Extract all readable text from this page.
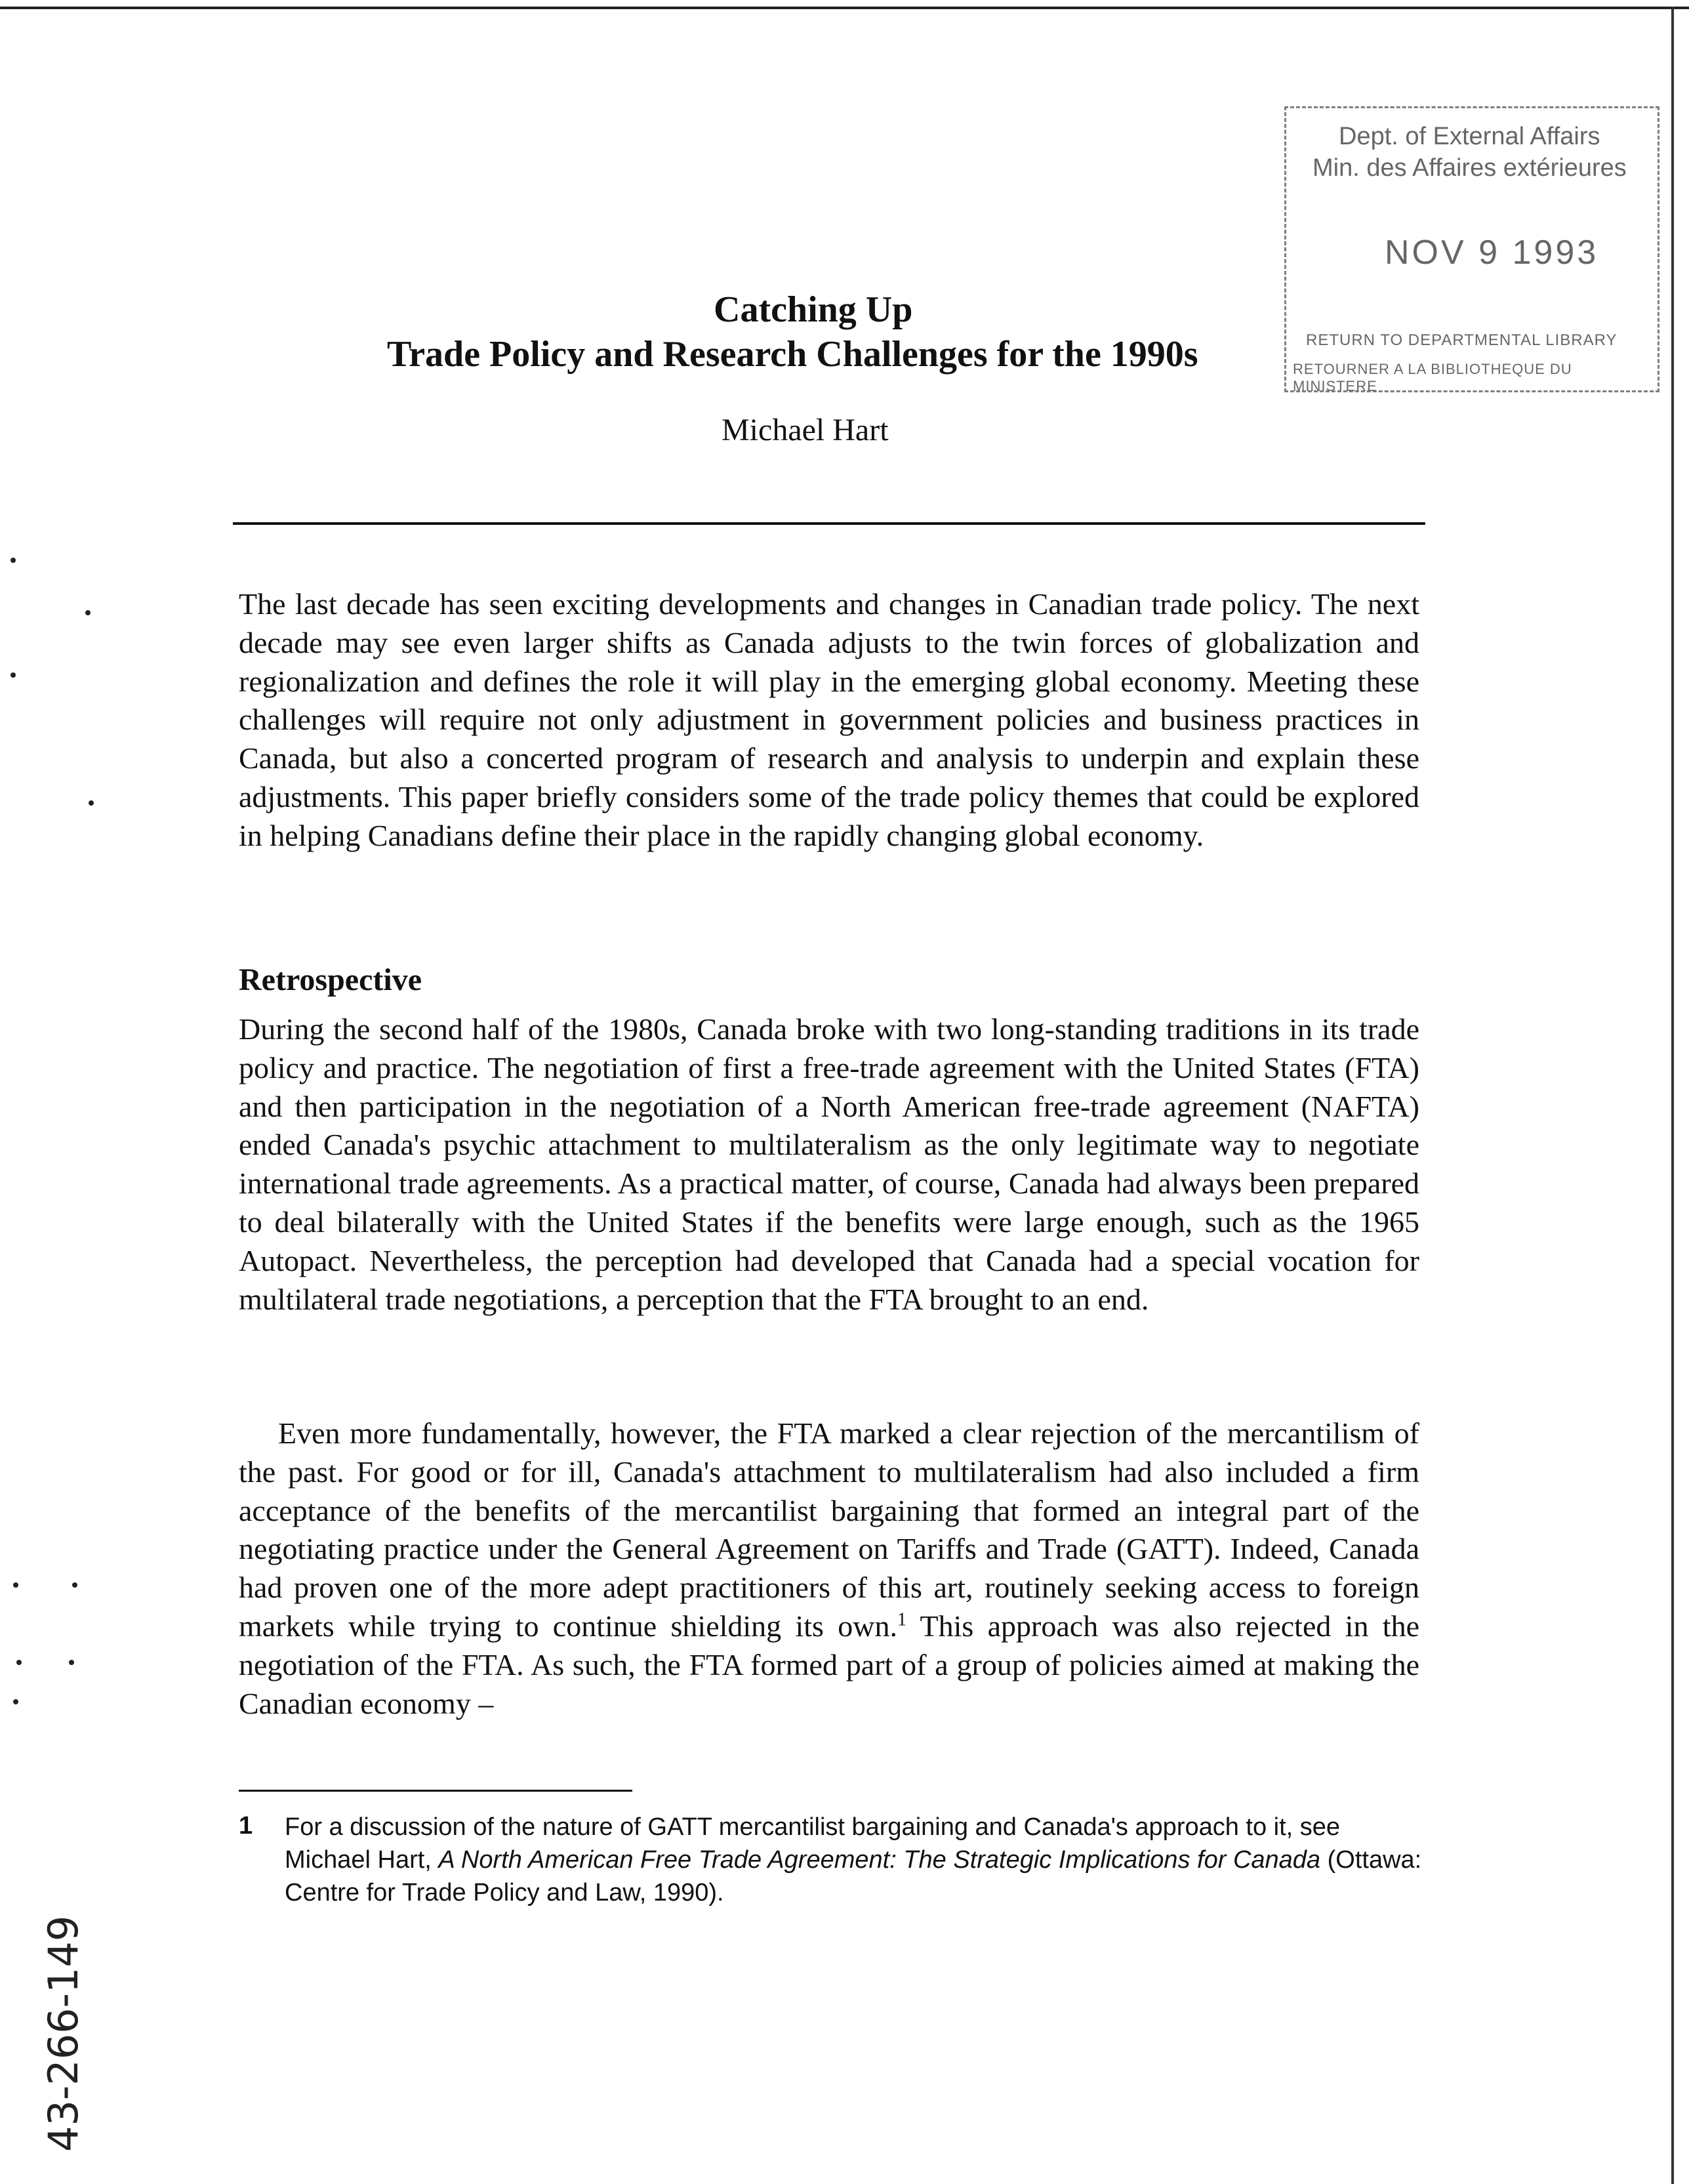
Dept. of External Affairs
Min. des Affaires extérieures
NOV 9 1993
RETURN TO DEPARTMENTAL LIBRARY
RETOURNER A LA BIBLIOTHEQUE DU MINISTERE
Catching Up
Trade Policy and Research Challenges for the 1990s
Michael Hart

The last decade has seen exciting developments and changes in Canadian trade policy. The next decade may see even larger shifts as Canada adjusts to the twin forces of globalization and regionalization and defines the role it will play in the emerging global economy. Meeting these challenges will require not only adjustment in government policies and business practices in Canada, but also a concerted program of research and analysis to underpin and explain these adjustments. This paper briefly considers some of the trade policy themes that could be explored in helping Canadians define their place in the rapidly changing global economy.

Retrospective

During the second half of the 1980s, Canada broke with two long-standing traditions in its trade policy and practice. The negotiation of first a free-trade agreement with the United States (FTA) and then participation in the negotiation of a North American free-trade agreement (NAFTA) ended Canada's psychic attachment to multilateralism as the only legitimate way to negotiate international trade agreements. As a practical matter, of course, Canada had always been prepared to deal bilaterally with the United States if the benefits were large enough, such as the 1965 Autopact. Nevertheless, the perception had developed that Canada had a special vocation for multilateral trade negotiations, a perception that the FTA brought to an end.

Even more fundamentally, however, the FTA marked a clear rejection of the mercantilism of the past. For good or for ill, Canada's attachment to multilateralism had also included a firm acceptance of the benefits of the mercantilist bargaining that formed an integral part of the negotiating practice under the General Agreement on Tariffs and Trade (GATT). Indeed, Canada had proven one of the more adept practitioners of this art, routinely seeking access to foreign markets while trying to continue shielding its own.$^1$ This approach was also rejected in the negotiation of the FTA. As such, the FTA formed part of a group of policies aimed at making the Canadian economy –

1 For a discussion of the nature of GATT mercantilist bargaining and Canada's approach to it, see Michael Hart, A North American Free Trade Agreement: The Strategic Implications for Canada (Ottawa: Centre for Trade Policy and Law, 1990).
43-266-149
